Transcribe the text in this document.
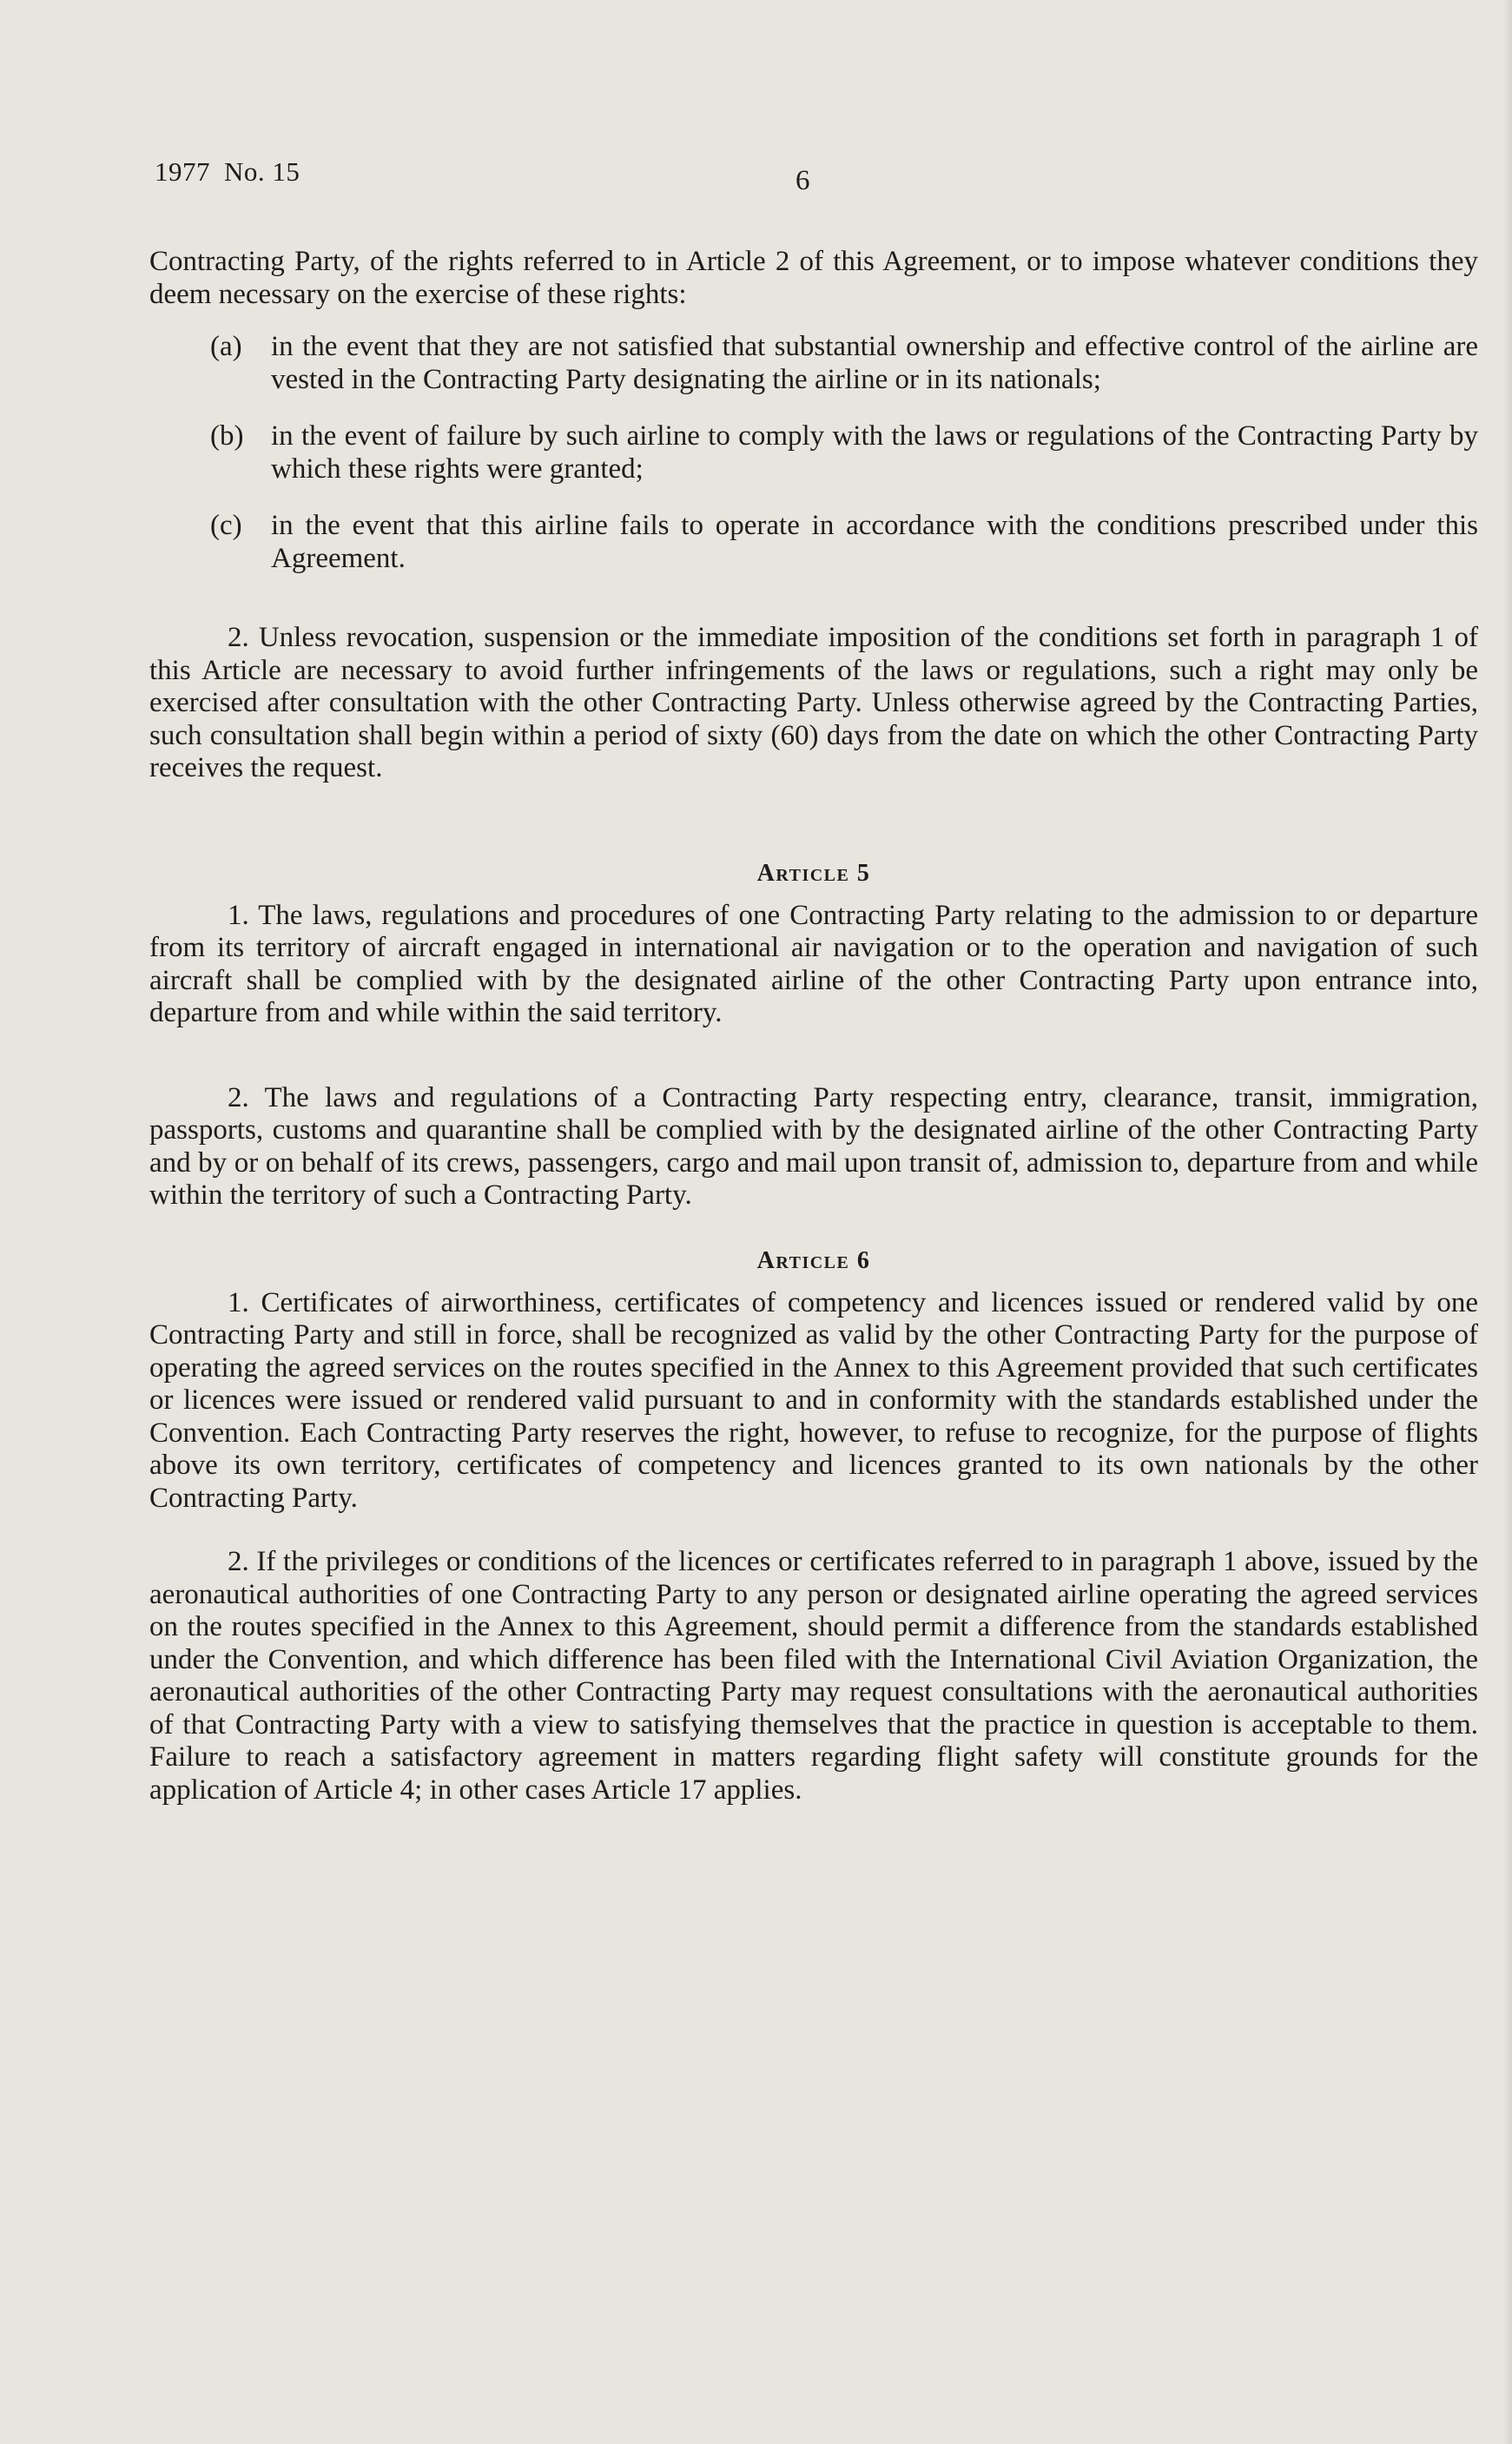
1977 No. 15	6

Contracting Party, of the rights referred to in Article 2 of this Agreement, or to impose whatever conditions they deem necessary on the exercise of these rights:

(a) in the event that they are not satisfied that substantial ownership and effective control of the airline are vested in the Contracting Party designating the airline or in its nationals;
(b) in the event of failure by such airline to comply with the laws or regulations of the Contracting Party by which these rights were granted;
(c) in the event that this airline fails to operate in accordance with the conditions prescribed under this Agreement.

2. Unless revocation, suspension or the immediate imposition of the conditions set forth in paragraph 1 of this Article are necessary to avoid further infringements of the laws or regulations, such a right may only be exercised after consultation with the other Contracting Party. Unless otherwise agreed by the Contracting Parties, such consultation shall begin within a period of sixty (60) days from the date on which the other Contracting Party receives the request.

Article 5

1. The laws, regulations and procedures of one Contracting Party relating to the admission to or departure from its territory of aircraft engaged in international air navigation or to the operation and navigation of such aircraft shall be complied with by the designated airline of the other Contracting Party upon entrance into, departure from and while within the said territory.

2. The laws and regulations of a Contracting Party respecting entry, clearance, transit, immigration, passports, customs and quarantine shall be complied with by the designated airline of the other Contracting Party and by or on behalf of its crews, passengers, cargo and mail upon transit of, admission to, departure from and while within the territory of such a Contracting Party.

Article 6

1. Certificates of airworthiness, certificates of competency and licences issued or rendered valid by one Contracting Party and still in force, shall be recognized as valid by the other Contracting Party for the purpose of operating the agreed services on the routes specified in the Annex to this Agreement provided that such certificates or licences were issued or rendered valid pursuant to and in conformity with the standards established under the Convention. Each Contracting Party reserves the right, however, to refuse to recognize, for the purpose of flights above its own territory, certificates of competency and licences granted to its own nationals by the other Contracting Party.

2. If the privileges or conditions of the licences or certificates referred to in paragraph 1 above, issued by the aeronautical authorities of one Contracting Party to any person or designated airline operating the agreed services on the routes specified in the Annex to this Agreement, should permit a difference from the standards established under the Convention, and which difference has been filed with the International Civil Aviation Organization, the aeronautical authorities of the other Contracting Party may request consultations with the aeronautical authorities of that Contracting Party with a view to satisfying themselves that the practice in question is acceptable to them. Failure to reach a satisfactory agreement in matters regarding flight safety will constitute grounds for the application of Article 4; in other cases Article 17 applies.
